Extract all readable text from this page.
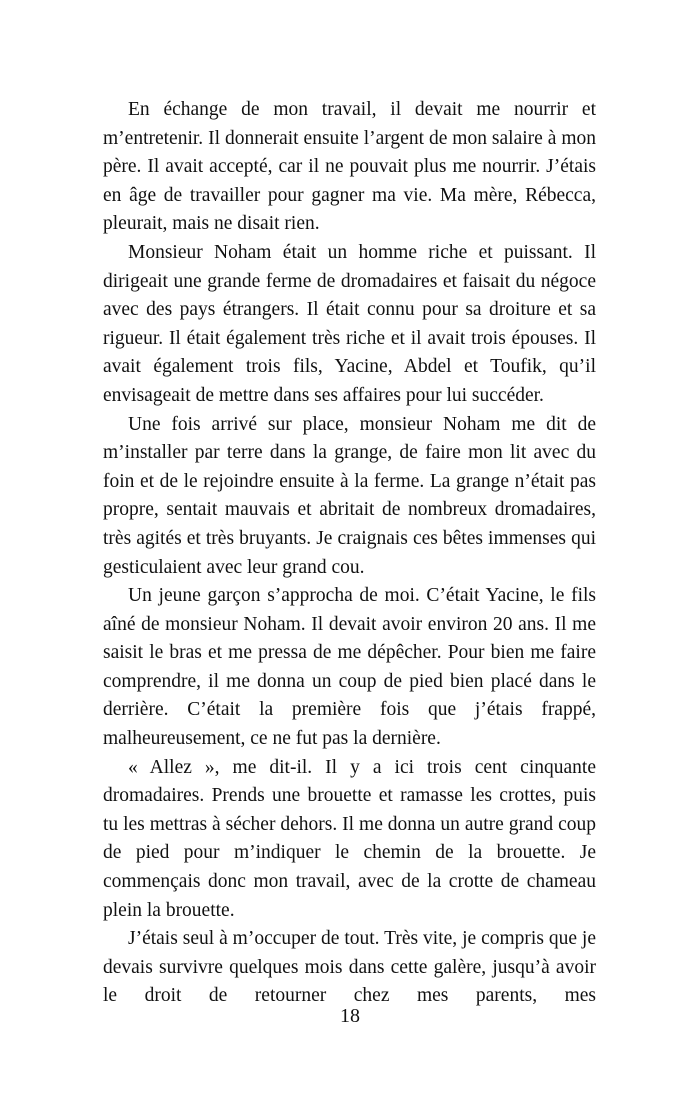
En échange de mon travail, il devait me nourrir et m’entretenir. Il donnerait ensuite l’argent de mon salaire à mon père. Il avait accepté, car il ne pouvait plus me nourrir. J’étais en âge de travailler pour gagner ma vie. Ma mère, Rébecca, pleurait, mais ne disait rien.

Monsieur Noham était un homme riche et puissant. Il dirigeait une grande ferme de dromadaires et faisait du négoce avec des pays étrangers. Il était connu pour sa droiture et sa rigueur. Il était également très riche et il avait trois épouses. Il avait également trois fils, Yacine, Abdel et Toufik, qu’il envisageait de mettre dans ses affaires pour lui succéder.

Une fois arrivé sur place, monsieur Noham me dit de m’installer par terre dans la grange, de faire mon lit avec du foin et de le rejoindre ensuite à la ferme. La grange n’était pas propre, sentait mauvais et abritait de nombreux dromadaires, très agités et très bruyants. Je craignais ces bêtes immenses qui gesticulaient avec leur grand cou.

Un jeune garçon s’approcha de moi. C’était Yacine, le fils aîné de monsieur Noham. Il devait avoir environ 20 ans. Il me saisit le bras et me pressa de me dépêcher. Pour bien me faire comprendre, il me donna un coup de pied bien placé dans le derrière. C’était la première fois que j’étais frappé, malheureusement, ce ne fut pas la dernière.

« Allez », me dit-il. Il y a ici trois cent cinquante dromadaires. Prends une brouette et ramasse les crottes, puis tu les mettras à sécher dehors. Il me donna un autre grand coup de pied pour m’indiquer le chemin de la brouette. Je commençais donc mon travail, avec de la crotte de chameau plein la brouette.

J’étais seul à m’occuper de tout. Très vite, je compris que je devais survivre quelques mois dans cette galère, jusqu’à avoir le droit de retourner chez mes parents, mes

18
